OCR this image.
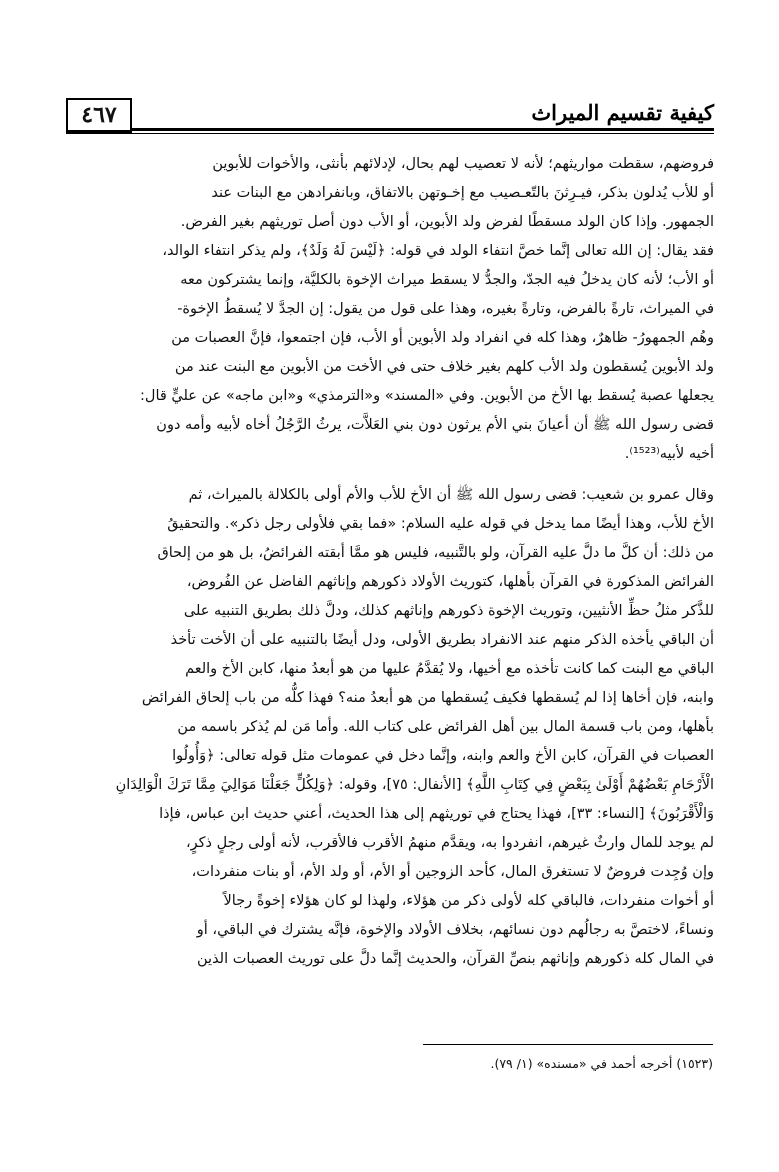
كيفية تقسيم الميراث
٤٦٧

فروضهم، سقطت مواريثهم؛ لأنه لا تعصيب لهم بحال، لإدلائهم بأنثى، والأخوات للأبوين

أو للأب يُدلون بذكر، فيـرِثنَ بالتّعـصيب مع إخـوتهن بالاتفاق، وبانفرادهن مع البنات عند

الجمهور. وإذا كان الولد مسقطًا لفرض ولد الأبوين، أو الأب دون أصل توريثهم بغير الفرض.

فقد يقال: إن الله تعالى إنَّما خصَّ انتفاء الولد في قوله: ﴿لَيْسَ لَهُ وَلَدٌ﴾، ولم يذكر انتفاء الوالد،

أو الأب؛ لأنه كان يدخلُ فيه الجدّ، والجدُّ لا يسقط ميراث الإخوة بالكليَّة، وإنما يشتركون معه

في الميراث، تارةً بالفرض، وتارةً بغيره، وهذا على قول من يقول: إن الجدَّ لا يُسقطُ الإخوة-

وهُم الجمهورُ- ظاهرٌ، وهذا كله في انفراد ولد الأبوين أو الأب، فإن اجتمعوا، فإنَّ العصبات من

ولد الأبوين يُسقطون ولد الأب كلهم بغير خلاف حتى في الأخت من الأبوين مع البنت عند من

يجعلها عصبة يُسقط بها الأخ من الأبوين. وفي «المسند» و«الترمذي» و«ابن ماجه» عن عليٍّ قال:

قضى رسول الله ﷺ أن أعيانَ بني الأم يرثون دون بني العَلاَّت، يرثُ الرَّجُلُ أخاه لأبيه وأمه دون

أخيه لأبيه⁽¹⁵²³⁾.

وقال عمرو بن شعيب: قضى رسول الله ﷺ أن الأخ للأب والأم أولى بالكلالة بالميراث، ثم

الأخ للأب، وهذا أيضًا مما يدخل في قوله عليه السلام: «فما بقي فلأولى رجل ذكر». والتحقيقُ

من ذلك: أن كلَّ ما دلَّ عليه القرآن، ولو بالتَّنبيه، فليس هو ممَّا أبقته الفرائضُ، بل هو من إلحاق

الفرائض المذكورة في القرآن بأهلها، كتوريث الأولاد ذكورهم وإناثهم الفاضل عن الفُروض،

للذَّكر مثلُ حظِّ الأنثيين، وتوريث الإخوة ذكورهم وإناثهم كذلك، ودلَّ ذلك بطريق التنبيه على

أن الباقي يأخذه الذكر منهم عند الانفراد بطريق الأولى، ودل أيضًا بالتنبيه على أن الأخت تأخذ

الباقي مع البنت كما كانت تأخذه مع أخيها، ولا يُقدَّمُ عليها من هو أبعدُ منها، كابن الأخ والعم

وابنه، فإن أخاها إذا لم يُسقطها فكيف يُسقطها من هو أبعدُ منه؟ فهذا كلُّه من باب إلحاق الفرائض

بأهلها، ومن باب قسمة المال بين أهل الفرائض على كتاب الله. وأما مَن لم يُذكر باسمه من

العصبات في القرآن، كابن الأخ والعم وابنه، وإنَّما دخل في عمومات مثل قوله تعالى: ﴿وَأُولُوا

الْأَرْحَامِ بَعْضُهُمْ أَوْلَىٰ بِبَعْضٍ فِي كِتَابِ اللَّهِ﴾ [الأنفال: ٧٥]، وقوله: ﴿وَلِكُلٍّ جَعَلْنَا مَوَالِيَ مِمَّا تَرَكَ الْوَالِدَانِ

وَالْأَقْرَبُونَ﴾ [النساء: ٣٣]، فهذا يحتاج في توريثهم إلى هذا الحديث، أعني حديث ابن عباس، فإذا

لم يوجد للمال وارثٌ غيرهم، انفردوا به، ويقدَّم منهمُ الأقرب فالأقرب، لأنه أولى رجلٍ ذكرٍ،

وإن وُجِدت فروضٌ لا تستغرق المال، كأحد الزوجين أو الأم، أو ولد الأم، أو بنات منفردات،

أو أخوات منفردات، فالباقي كله لأولى ذكر من هؤلاء، ولهذا لو كان هؤلاء إخوةً رجالاً

ونساءً، لاختصَّ به رجالُهم دون نسائهم، بخلاف الأولاد والإخوة، فإنَّه يشترك في الباقي، أو

في المال كله ذكورهم وإناثهم بنصِّ القرآن، والحديث إنَّما دلَّ على توريث العصبات الذين

(١٥٢٣) أخرجه أحمد في «مسنده» (١/ ٧٩).
